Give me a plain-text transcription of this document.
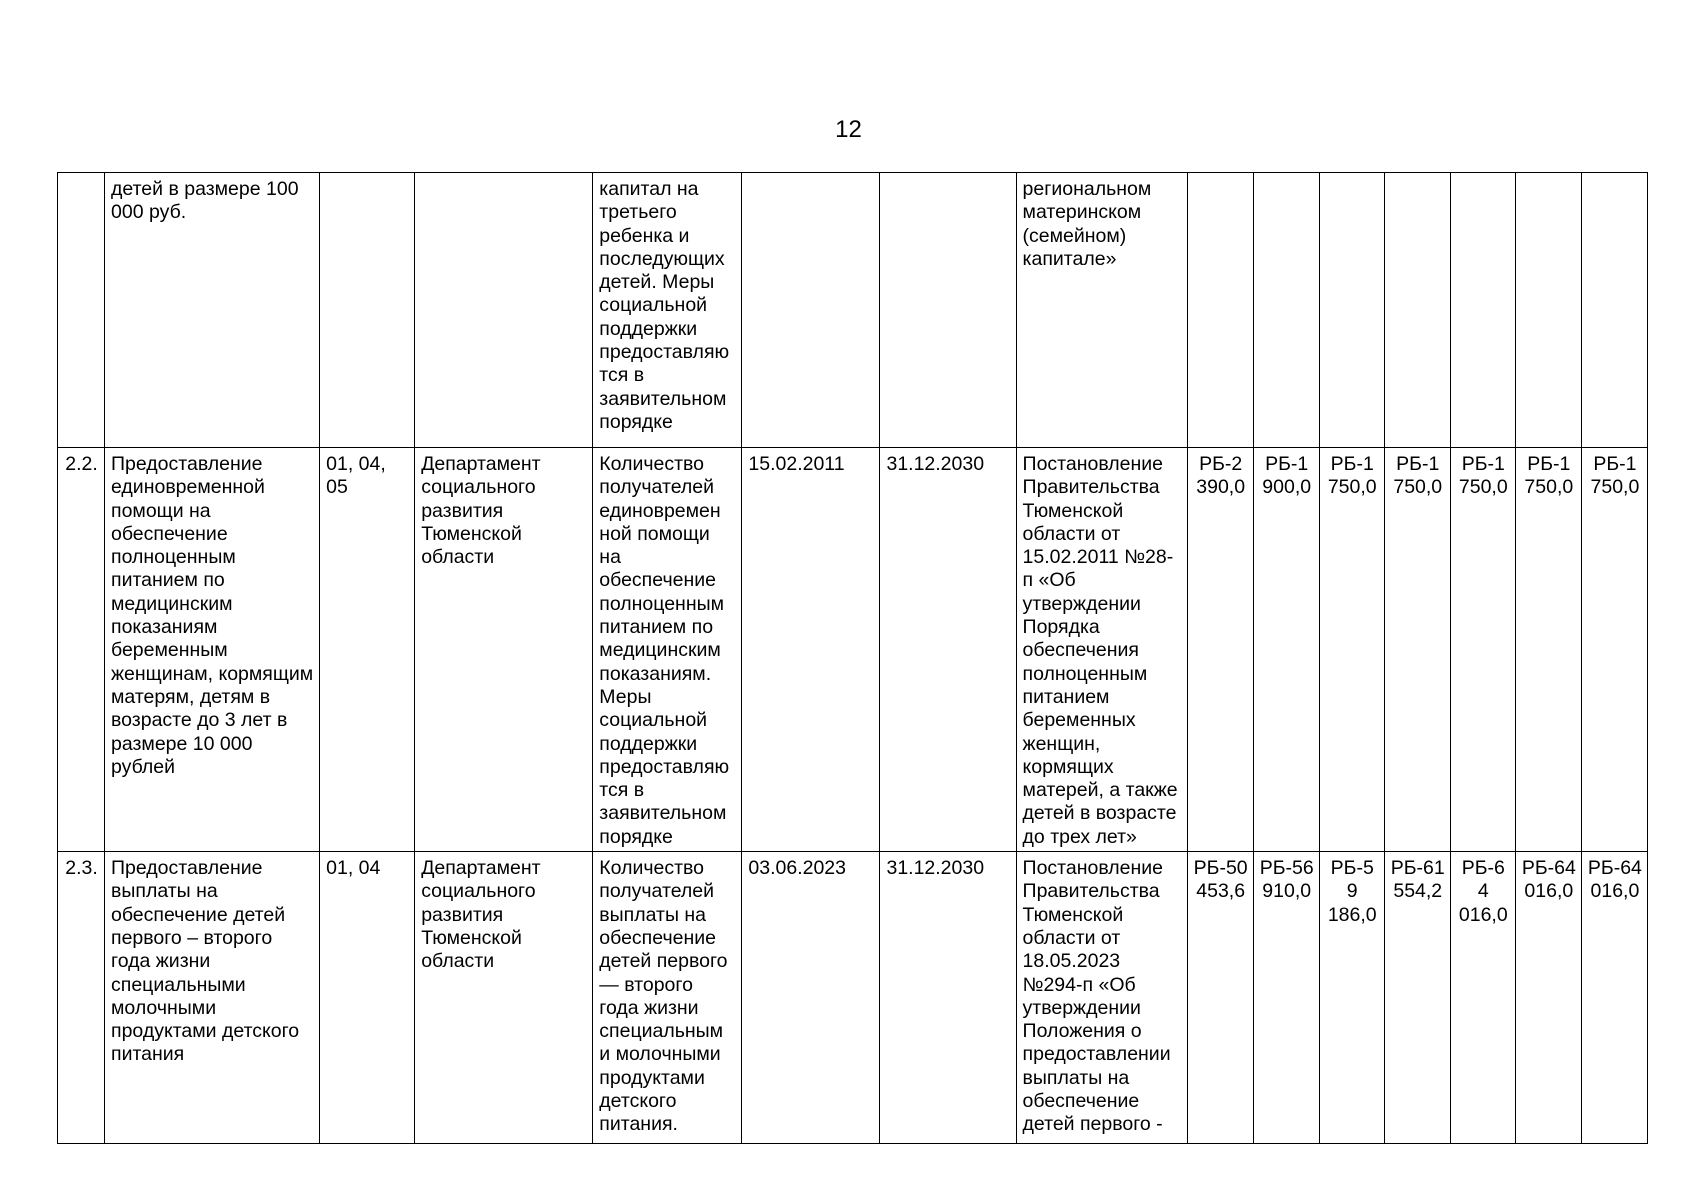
12
	детей в размере 100 000 руб.			капитал на третьего ребенка и последующих детей. Меры социальной поддержки предоставляю тся в заявительном порядке			региональном материнском (семейном) капитале»							
2.2.	Предоставление единовременной помощи на обеспечение полноценным питанием по медицинским показаниям беременным женщинам, кормящим матерям, детям в возрасте до 3 лет в размере 10 000 рублей	01, 04, 05	Департамент социального развития Тюменской области	Количество получателей единовремен ной помощи на обеспечение полноценным питанием по медицинским показаниям. Меры социальной поддержки предоставляю тся в заявительном порядке	15.02.2011	31.12.2030	Постановление Правительства Тюменской области от 15.02.2011 №28-п «Об утверждении Порядка обеспечения полноценным питанием беременных женщин, кормящих матерей, а также детей в возрасте до трех лет»	РБ-2 390,0	РБ-1 900,0	РБ-1 750,0	РБ-1 750,0	РБ-1 750,0	РБ-1 750,0	РБ-1 750,0
2.3.	Предоставление выплаты на обеспечение детей первого – второго года жизни специальными молочными продуктами детского питания	01, 04	Департамент социального развития Тюменской области	Количество получателей выплаты на обеспечение детей первого — второго года жизни специальным и молочными продуктами детского питания.	03.06.2023	31.12.2030	Постановление Правительства Тюменской области от 18.05.2023 №294-п «Об утверждении Положения о предоставлении выплаты на обеспечение детей первого -	РБ-50 453,6	РБ-56 910,0	РБ-59 186,0	РБ-61 554,2	РБ-64 016,0	РБ-64 016,0	РБ-64 016,0
